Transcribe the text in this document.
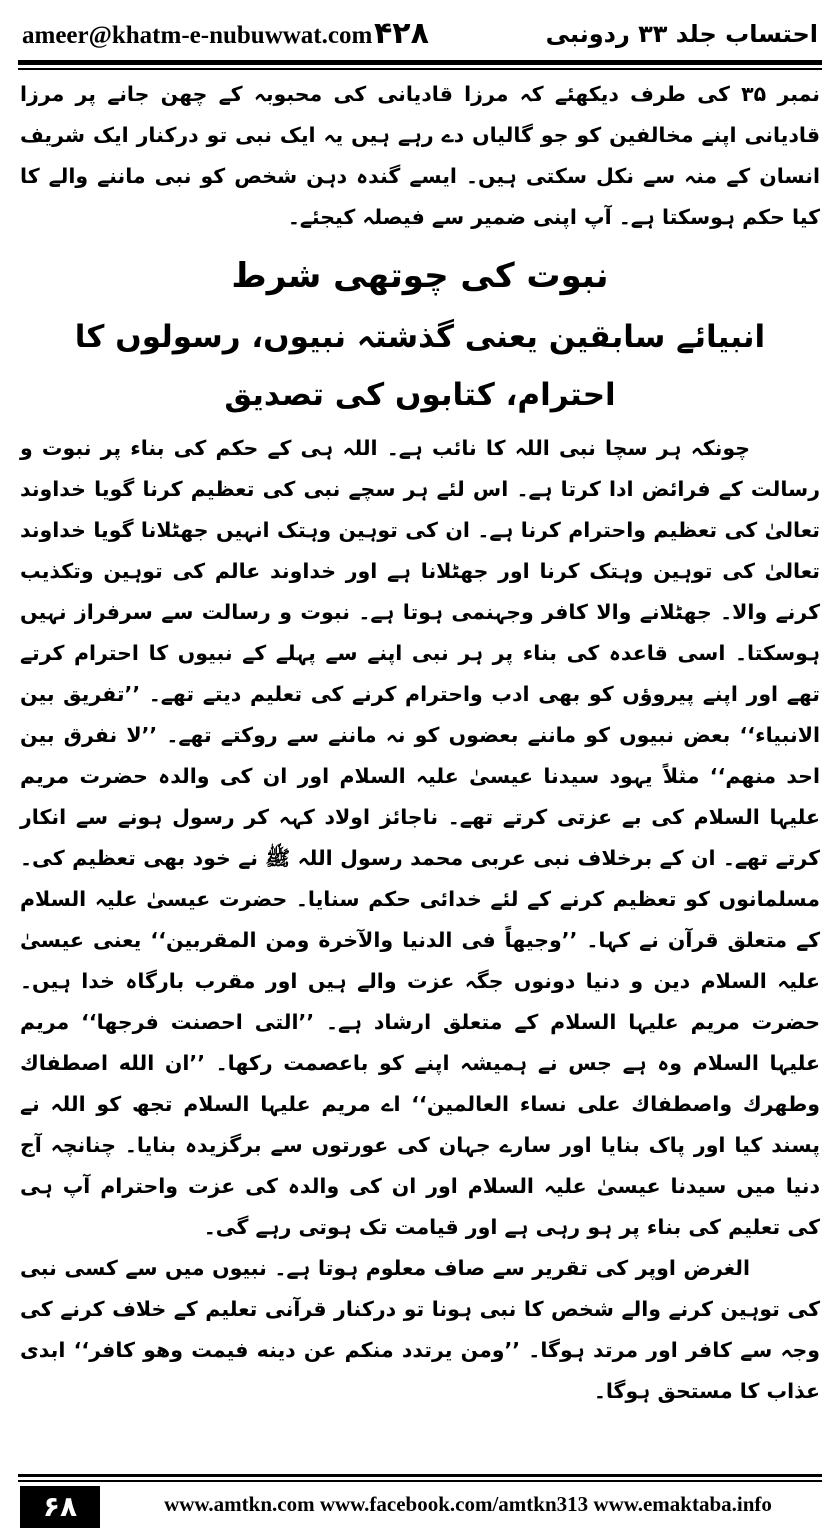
ameer@khatm-e-nubuwwat.com ۴۲۸	احتساب جلد ۳۳ ردونبی

نمبر ۳۵ کی طرف دیکھئے کہ مرزا قادیانی کی محبوبہ کے چھن جانے پر مرزا قادیانی اپنے مخالفین کو جو گالیاں دے رہے ہیں یہ ایک نبی تو درکنار ایک شریف انسان کے منہ سے نکل سکتی ہیں۔ ایسے گندہ دہن شخص کو نبی ماننے والے کا کیا حکم ہوسکتا ہے۔ آپ اپنی ضمیر سے فیصلہ کیجئے۔

نبوت کی چوتھی شرط
انبیائے سابقین یعنی گذشتہ نبیوں، رسولوں کا احترام، کتابوں کی تصدیق

چونکہ ہر سچا نبی اللہ کا نائب ہے۔ اللہ ہی کے حکم کی بناء پر نبوت و رسالت کے فرائض ادا کرتا ہے۔ اس لئے ہر سچے نبی کی تعظیم کرنا گویا خداوند تعالیٰ کی تعظیم واحترام کرنا ہے۔ ان کی توہین وہتک انہیں جھٹلانا گویا خداوند تعالیٰ کی توہین وہتک کرنا اور جھٹلانا ہے اور خداوند عالم کی توہین وتکذیب کرنے والا۔ جھٹلانے والا کافر وجہنمی ہوتا ہے۔ نبوت و رسالت سے سرفراز نہیں ہوسکتا۔ اسی قاعدہ کی بناء پر ہر نبی اپنے سے پہلے کے نبیوں کا احترام کرتے تھے اور اپنے پیروؤں کو بھی ادب واحترام کرنے کی تعلیم دیتے تھے۔ ’’تفریق بین الانبیاء‘‘ بعض نبیوں کو ماننے بعضوں کو نہ ماننے سے روکتے تھے۔ ’’لا نفرق بین احد منهم‘‘ مثلاً یہود سیدنا عیسیٰ علیہ السلام اور ان کی والدہ حضرت مریم علیہا السلام کی بے عزتی کرتے تھے۔ ناجائز اولاد کہہ کر رسول ہونے سے انکار کرتے تھے۔ ان کے برخلاف نبی عربی محمد رسول اللہ ﷺ نے خود بھی تعظیم کی۔ مسلمانوں کو تعظیم کرنے کے لئے خدائی حکم سنایا۔ حضرت عیسیٰ علیہ السلام کے متعلق قرآن نے کہا۔ ’’وجیهاً فی الدنیا والآخرة ومن المقربین‘‘ یعنی عیسیٰ علیہ السلام دین و دنیا دونوں جگہ عزت والے ہیں اور مقرب بارگاہ خدا ہیں۔ حضرت مریم علیہا السلام کے متعلق ارشاد ہے۔ ’’التی احصنت فرجها‘‘ مریم علیہا السلام وہ ہے جس نے ہمیشہ اپنے کو باعصمت رکھا۔ ’’ان الله اصطفاك وطهرك واصطفاك علی نساء العالمین‘‘ اے مریم علیہا السلام تجھ کو اللہ نے پسند کیا اور پاک بنایا اور سارے جہان کی عورتوں سے برگزیدہ بنایا۔ چنانچہ آج دنیا میں سیدنا عیسیٰ علیہ السلام اور ان کی والدہ کی عزت واحترام آپ ہی کی تعلیم کی بناء پر ہو رہی ہے اور قیامت تک ہوتی رہے گی۔

الغرض اوپر کی تقریر سے صاف معلوم ہوتا ہے۔ نبیوں میں سے کسی نبی کی توہین کرنے والے شخص کا نبی ہونا تو درکنار قرآنی تعلیم کے خلاف کرنے کی وجہ سے کافر اور مرتد ہوگا۔ ’’ومن یرتدد منکم عن دینه فیمت وهو کافر‘‘ ابدی عذاب کا مستحق ہوگا۔

۶۸	www.amtkn.com www.facebook.com/amtkn313 www.emaktaba.info
